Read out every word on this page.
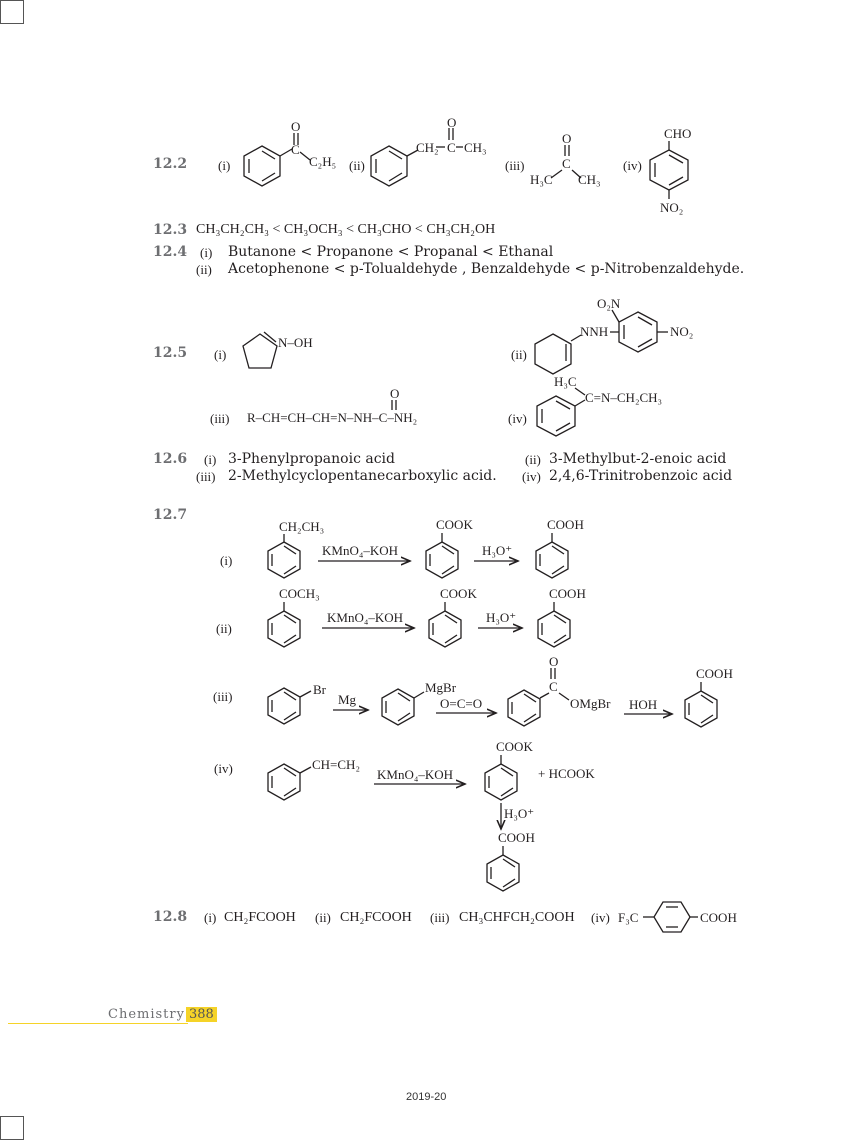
12.2 (i)	(ii)	(iii)	(iv)
O
C
C₂H₅
CH₂ C
O
CH₃
O
C
H₃C CH₃
CHO
NO₂
12.3 CH₃CH₂CH₃ < CH₃OCH₃ < CH₃CHO < CH₃CH₂OH
12.4 (i) Butanone < Propanone < Propanal < Ethanal
(ii) Acetophenone < p-Tolualdehyde , Benzaldehyde < p-Nitrobenzaldehyde.
12.5 (i)	(ii)
(iii)	(iv)
N–OH
NNH
O₂N
NO₂
O
R–CH=CH–CH=N–NH–C–NH₂
H₃C
C=N–CH₂CH₃
12.6 (i) 3-Phenylpropanoic acid	(ii) 3-Methylbut-2-enoic acid
(iii) 2-Methylcyclopentanecarboxylic acid. (iv) 2,4,6-Trinitrobenzoic acid
12.7
(i)
(ii)
(iii)
(iv)
CH₂CH₃
KMnO₄–KOH
COOK
H₃O⁺
COOH
COCH₃
KMnO₄–KOH
COOK
H₃O⁺
COOH
Br
Mg
MgBr
O=C=O
O
C
OMgBr HOH
COOH
CH=CH₂
KMnO₄–KOH
COOK
+ HCOOK
H₃O⁺
COOH
12.8 (i) CH₂FCOOH (ii) CH₂FCOOH (iii) CH₃CHFCH₂COOH (iv) F₃C	COOH
Chemistry 388
2019-20
